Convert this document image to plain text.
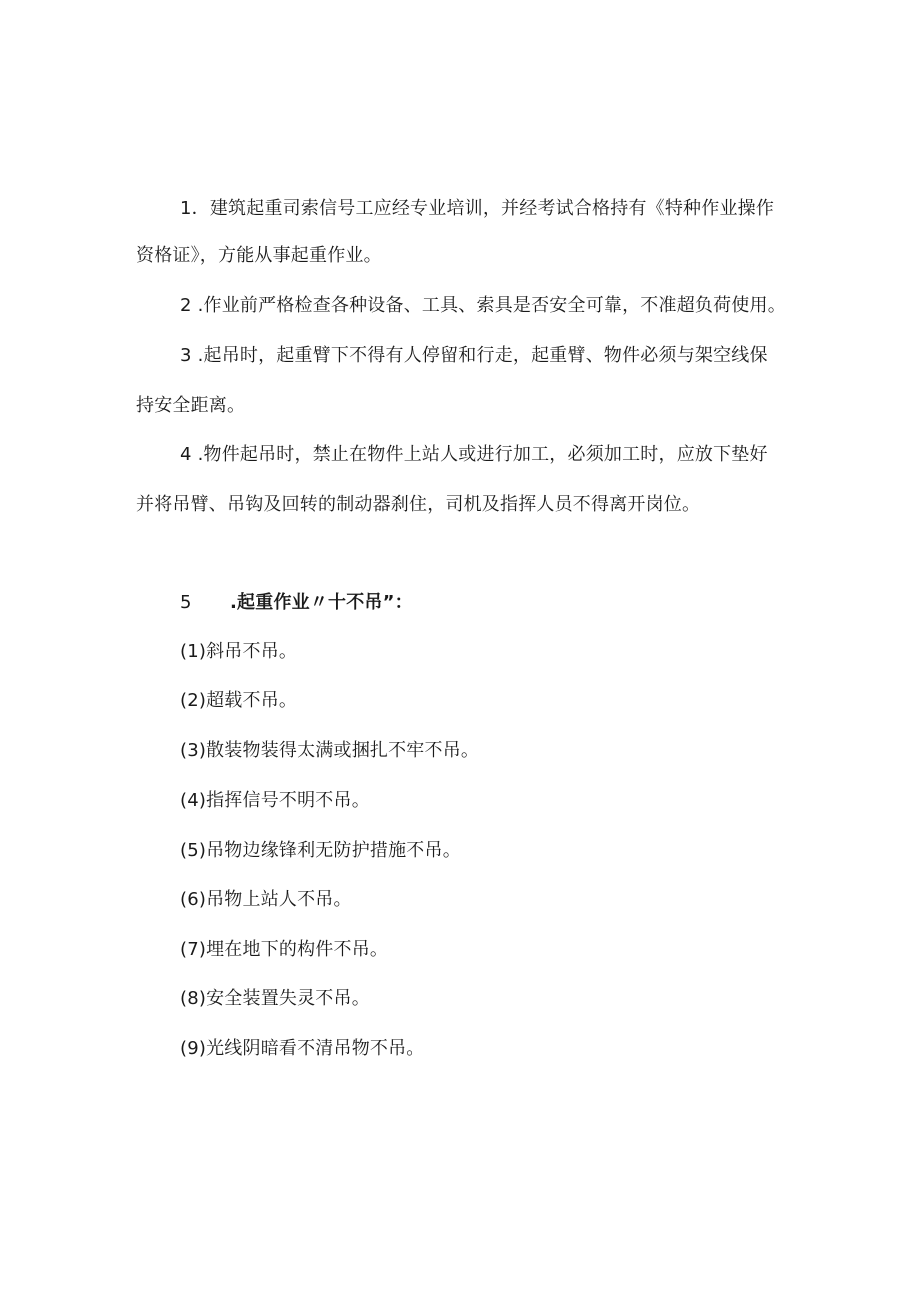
1．建筑起重司索信号工应经专业培训，并经考试合格持有《特种作业操作
资格证》，方能从事起重作业。
2 .作业前严格检查各种设备、工具、索具是否安全可靠，不准超负荷使用。
3 .起吊时，起重臂下不得有人停留和行走，起重臂、物件必须与架空线保
持安全距离。
4 .物件起吊时，禁止在物件上站人或进行加工，必须加工时，应放下垫好
并将吊臂、吊钩及回转的制动器刹住，司机及指挥人员不得离开岗位。
5 .起重作业〃十不吊”：
(1)斜吊不吊。
(2)超载不吊。
(3)散装物装得太满或捆扎不牢不吊。
(4)指挥信号不明不吊。
(5)吊物边缘锋利无防护措施不吊。
(6)吊物上站人不吊。
(7)埋在地下的构件不吊。
(8)安全装置失灵不吊。
(9)光线阴暗看不清吊物不吊。
